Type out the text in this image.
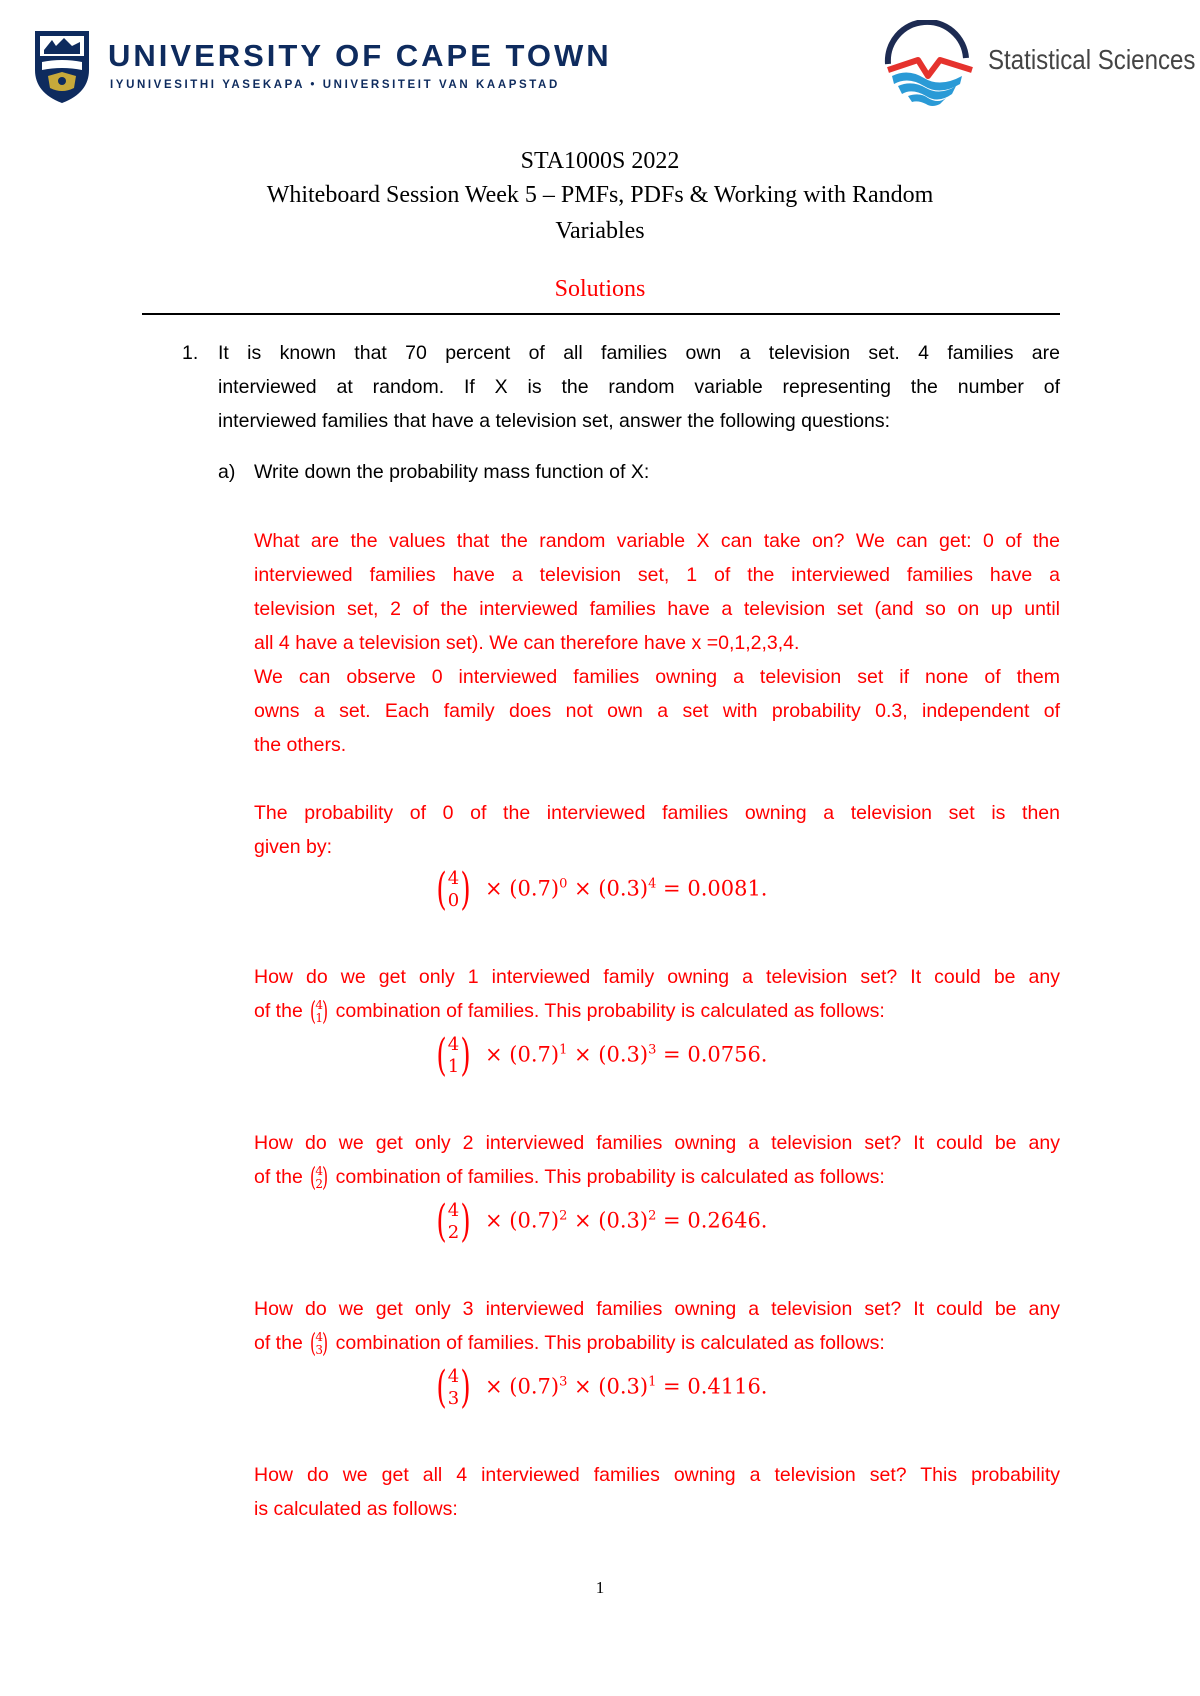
UNIVERSITY OF CAPE TOWN
IYUNIVESITHI YASEKAPA • UNIVERSITEIT VAN KAAPSTAD
Statistical Sciences
STA1000S 2022
Whiteboard Session Week 5 – PMFs, PDFs & Working with Random
Variables
Solutions
1. It is known that 70 percent of all families own a television set. 4 families are
interviewed at random. If X is the random variable representing the number of
interviewed families that have a television set, answer the following questions:
a) Write down the probability mass function of X:
What are the values that the random variable X can take on? We can get: 0 of the
interviewed families have a television set, 1 of the interviewed families have a
television set, 2 of the interviewed families have a television set (and so on up until
all 4 have a television set). We can therefore have x =0,1,2,3,4.
We can observe 0 interviewed families owning a television set if none of them
owns a set. Each family does not own a set with probability 0.3, independent of
the others.
The probability of 0 of the interviewed families owning a television set is then
given by:
(4
$0) \times (0.7)^0 \times (0.3)^4 = 0.0081$.
How do we get only 1 interviewed family owning a television set? It could be any
of the (4
1) combination of families. This probability is calculated as follows:
(4
$1) \times (0.7)^1 \times (0.3)^3 = 0.0756$.
How do we get only 2 interviewed families owning a television set? It could be any
of the (4
2) combination of families. This probability is calculated as follows:
(4
$2) \times (0.7)^2 \times (0.3)^2 = 0.2646$.
How do we get only 3 interviewed families owning a television set? It could be any
of the (4
3) combination of families. This probability is calculated as follows:
(4
$3) \times (0.7)^3 \times (0.3)^1 = 0.4116$.
How do we get all 4 interviewed families owning a television set? This probability
is calculated as follows:
1
